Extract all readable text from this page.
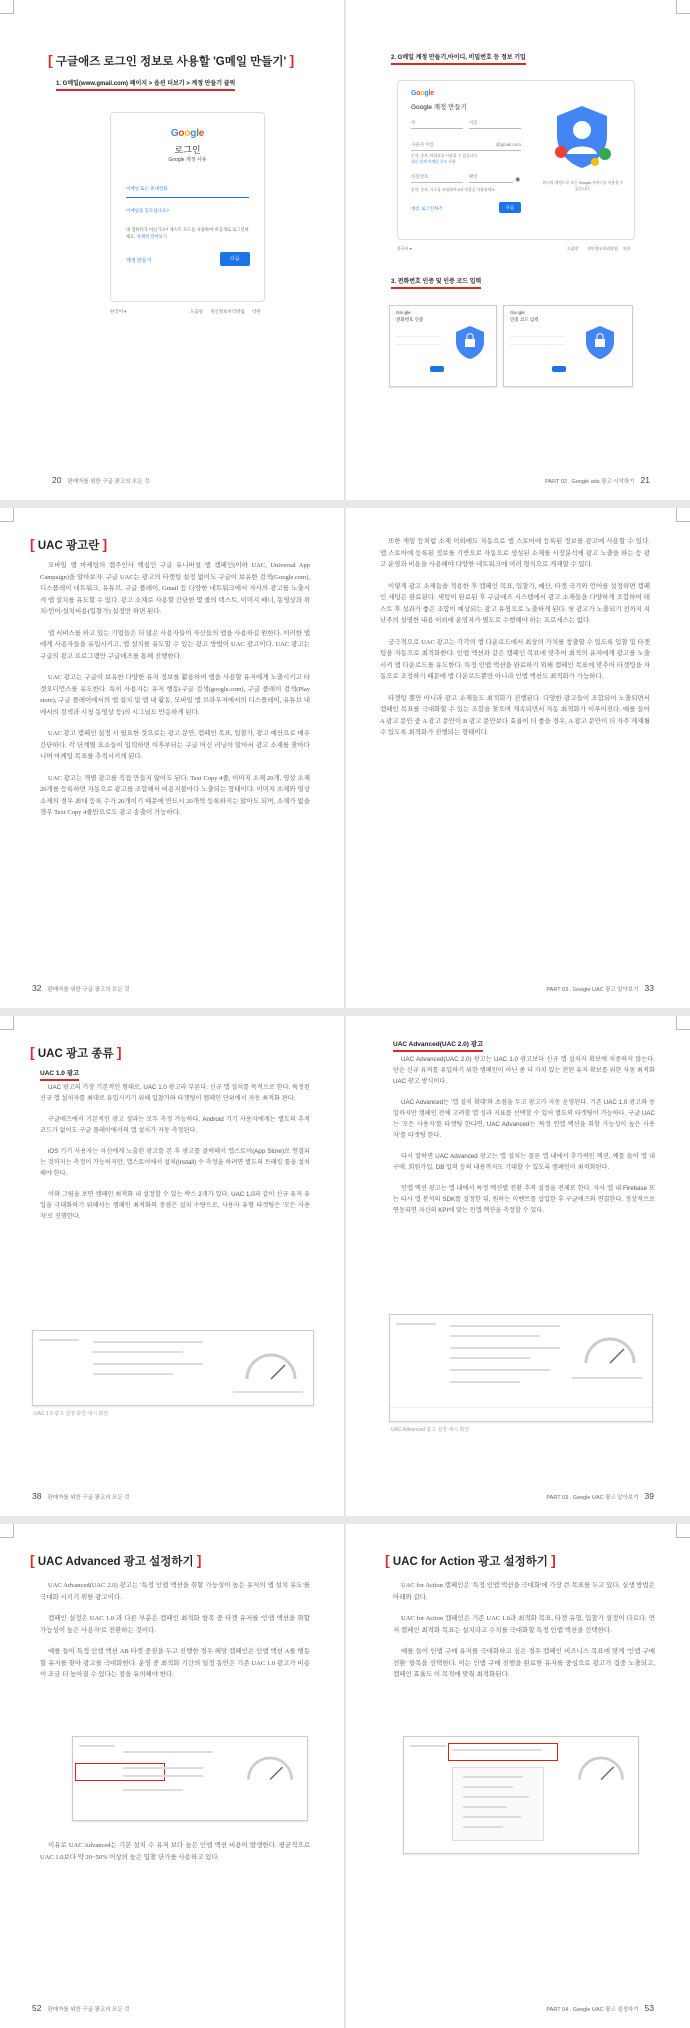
[ 구글애즈 로그인 정보로 사용할 'G메일 만들기' ]
1. G메일(www.gmail.com) 페이지 > 옵션 더보기 > 계정 만들기 클릭
Google
로그인
Google 계정 사용
이메일 또는 휴대전화
이메일을 잊으셨나요?
내 컴퓨터가 아닌가요? 게스트 모드를 사용하여 비공개로 로그인하세요. 자세히 알아보기
계정 만들기	다음
한국어 ▾	도움말 개인정보처리방침 약관
20 판매자를 위한 구글 광고의 모든 것
2. G메일 계정 만들기,아이디, 비밀번호 등 정보 기입
Google
Google 계정 만들기
성	이름
사용자 이름	@gmail.com
문자, 숫자, 마침표를 사용할 수 있습니다.
대신 현재 이메일 주소 사용
비밀번호	확인
◉
문자, 숫자, 기호를 조합하여 8자 이상을 사용하세요.
대신 로그인하기	다음
하나의 계정으로 모든 Google 서비스를 이용할 수 있습니다.
한국어 ▾	도움말 개인정보처리방침 약관
3. 전화번호 인증 및 인증 코드 입력
Google
전화번호 인증
Google
인증 코드 입력
PART 02 . Google ads 광고 시작하기 21
[ UAC 광고란 ]

모바일 앱 마케팅의 캠주인사 핵심인 구글 유니버설 앱 캠페인(이하 UAC, Universal App Campaign)을 알아보자. 구글 UAC는 광고의 타겟팅 설정 없이도 구글이 보유한 검색(Google.com), 디스플레이 네트워크, 유튜브, 구글 플레이, Gmail 등 다양한 네트워크에서 자사의 광고를 노출시켜 앱 설치를 유도할 수 있다. 광고 소재로 사용할 간단한 몇 줄의 텍스트, 이미지 배너, 동영상과 위치/언어/설치비용(입찰가) 설정만 하면 된다.

앱 서비스를 하고 있는 기업들은 더 많은 사용자들이 자신들의 앱을 사용하길 원한다. 이러한 앱에게 사용자들을 유입시키고, 앱 설치를 유도할 수 있는 광고 방법이 UAC 광고이다. UAC 광고는 구글의 광고 프로그램만 구글애즈를 통해 진행한다.

UAC 광고는 구글이 보유한 다양한 유저 정보를 활용하여 앱을 사용할 유저에게 노출시키고 타겟오디언스를 유도한다. 특히 사용자는 유저 행동(구글 검색(google.com), 구글 플레이 검색(Play store), 구글 플레이에서의 앱 설치 및 앱 내 활동, 모바일 앱 브라우저에서의 디스플레이, 유튜브 내에서의 검색과 시청 동영상 등)의 시그널도 반응하게 된다.

UAC 광고 캠페인 설정 시 필요한 것으로는 광고 문안, 캠페인 목표, 입찰가, 광고 예산으로 매우 간단하다. 각 단계별 요소들이 입력하면 이후부터는 구글 머신 러닝이 알아서 광고 소재를 찾아다니며 마케팅 목표를 추적시키게 된다.

UAC 광고는 개별 광고를 직접 만들지 않아도 된다. Text Copy 4줄, 이미지 소재 20개, 영상 소재 20개를 등록하면 자동으로 광고를 조합해서 비용지불마다 노출되는 형태이다. 이미지 소재와 영상 소재의 경우 최대 등록 수가 20개이기 때문에 반드시 20개씩 등록하지는 않아도 되며, 소재가 없을 경우 Text Copy 4줄만으로도 광고 송출이 가능하다.

32 판매자를 위한 구글 광고의 모든 것

또한 게임 등처럼 소재 이외에도 자동으로 앱 스토어에 등록된 정보를 광고에 사용할 수 있다. 앱 스토어에 등록된 정보를 기반으로 자동으로 생성된 소재를 시장분석에 광고 노출을 하는 등 광고 운영과 비용을 사용해야 다양한 네트워크에 여러 형식으로 게재할 수 있다.

이렇게 광고 소재들을 적용한 후 캠페인 목표, 입찰가, 예산, 타겟 국가와 언어를 설정하면 캠페인 세팅은 완료된다. 세팅이 완료된 후 구글애즈 시스템에서 광고 소재들을 다양하게 조합하여 테스트 후 성과가 좋은 조합이 예상되는 광고 유형으로 노출하게 된다. 첫 광고가 노출되기 전까지 지난주의 설명한 내용 이외에 운영자가 별도로 수행해야 하는 프로세스는 없다.

궁극적으로 UAC 광고는 각각의 앱 다운로드에서 최상의 가치를 창출할 수 있도록 입찰 및 타겟팅을 자동으로 최적화한다. 인앱 액션과 같은 캠페인 목표에 맞추어 최적의 유저에게 광고를 노출시켜 앱 다운로드를 유도한다. 특정 인앱 액션을 완료하기 위해 캠페인 목표에 맞추어 타겟팅을 자동으로 조정하기 때문에 앱 다운로드뿐만 아니라 인앱 액션도 최적화가 가능하다.

타겟팅 뿐만 아니라 광고 소재들도 최적화가 진행된다. 다양한 광고들이 조합되어 노출되면서 캠페인 목표를 극대화할 수 있는 조합을 찾으며 계속되면서 자동 최적화가 이루어진다. 예를 들어 A 광고 문안 중 A 광고 문안이 B 광고 문안보다 효율이 더 좋을 경우, A 광고 문안이 더 자주 게재될 수 있도록 최적화가 진행되는 형태이다.

PART 03 . Google UAC 광고 알아보기 33
[ UAC 광고 종류 ]
UAC 1.0 광고

UAC 광고의 가장 기본적인 형태로, UAC 1.0 광고라 부른다. 신규 앱 설치를 목적으로 한다. 특정된 신규 앱 설치자를 최대로 유입시키기 위해 입찰가와 타겟팅이 캠페인 단위에서 자동 최적화 된다.

구글애즈에서 기본적인 광고 성과는 모두 측정 가능하다. Android 기기 사용자에게는 별도의 추적 코드가 없어도 구글 플레이에서의 앱 설치가 자동 측정된다.

iOS 기기 사용자는 자신에게 노출된 광고를 본 후 광고를 클릭해서 앱스토어(App Store)로 연결되는 것까지는 측정이 가능하지만, 앱스토어에서 설치(Install) 수 측정을 하려면 별도의 트래킹 툴을 설치해야 한다.

이와 그림을 보면 캠페인 최적화 내 설정할 수 있는 박스 2개가 있다. UAC 1.0과 같이 신규 유저 유입을 극대화하기 위해서는 캠페인 최적화의 중점은 설치 수량으로, 사용자 유형 타겟팅은 '모든 사용자'로 진행한다.

UAC 1.0 광고 설정 화면 예시 화면
38 판매자를 위한 구글 광고의 모든 것
UAC Advanced(UAC 2.0) 광고

UAC Advanced(UAC 2.0) 광고는 UAC 1.0 광고보다 신규 앱 설치자 확보에 치중하지 않는다. 단순 신규 유저를 유입하기 위한 캠페인이 아닌 좀 더 가치 있는 전된 유저 확보를 위한 자동 최적화 UAC 광고 방식이다.

UAC Advanced는 '앱 설치 확대'와 초점을 두고 광고가 자동 운영된다. 기존 UAC 1.0 광고와 동일하지만 캠페인 전체 고려할 앱 성과 지표를 선택할 수 있어 별도의 타겟팅이 가능하다. 구글 UAC는 '모든 사용자'를 타겟팅 한다면, UAC Advanced는 '특정 인앱 액션을 취할 가능성이 높은 사용자'를 타겟팅 한다.

다시 말하면 UAC Advanced 광고는 앱 설치는 물론 앱 내에서 추가적인 액션, 예를 들어 앱 내 구매, 회원가입, DB 입력 등의 내용까지도 기대할 수 있도록 캠페인이 최적화된다.

인앱 액션 광고는 앱 내에서 특정 액션별 전환 추적 설정을 전제로 한다. 자사 앱 내 Firebase 또는 타사 앱 분석의 SDK를 설정한 뒤, 원하는 이벤트를 삽입한 후 구글애즈와 연결한다. 정상적으로 연동되면 자신의 KPI에 맞는 인앱 액션을 측정할 수 있다.

UAC Advanced 광고 설정 예시 화면
PART 03 . Google UAC 광고 알아보기 39
[ UAC Advanced 광고 설정하기 ]

UAC Advanced(UAC 2.0) 광고는 '특정 인앱 액션을 취할 가능성이 높은 유저의 앱 설치 유도'를 극대화 시키기 위한 광고이다.

캠페인 설정은 UAC 1.0 과 다른 부분은 캠페인 최적화 항목 중 타겟 유저를 '인앱 액션을 취할 가능성이 높은 사용자'로 전환하는 것이다.

예를 들어 특정 인앱 액션 AB 타겟 중점을 두고 진행한 경우 해당 캠페인은 인앱 액션 A를 행동할 유저를 찾아 광고를 극대화한다. 운영 중 최적화 기간의 일정 동안은 기존 UAC 1.0 광고가 비용이 조금 더 높아질 수 있다는 점을 유의해야 한다.

이유로 UAC Advanced는 기본 설치 수 유저 보다 높은 인앱 액션 비용이 발생한다. 평균적으로 UAC 1.0보다 약 20~50% 이상의 높은 입찰 단가를 사용하고 있다.

52 판매자를 위한 구글 광고의 모든 것
[ UAC for Action 광고 설정하기 ]

UAC for Action 캠페인은 '특정 인앱 액션을 극대화'에 가장 큰 목표를 두고 있다. 실생 방법은 아래와 같다.

UAC for Action 캠페인은 기존 UAC 1.0과 최적화 목표, 타겟 유형, 입찰가 설정이 다르다. 먼저 캠페인 최적화 목표는 설치라고 수치를 극대화할 특정 인앱 액션을 선택한다.

예를 들어 인앱 구매 유저를 극대화하고 싶은 경우 캠페인 비즈니스 목표에 맞게 '인앱 구매 전환' 항목을 선택한다. 이는 인앱 구매 진행을 완료한 유저를 중심으로 광고가 집중 노출되고, 캠페인 효율도 이 목적에 맞춰 최적화된다.

PART 04 . Google UAC 광고 설정하기 53
